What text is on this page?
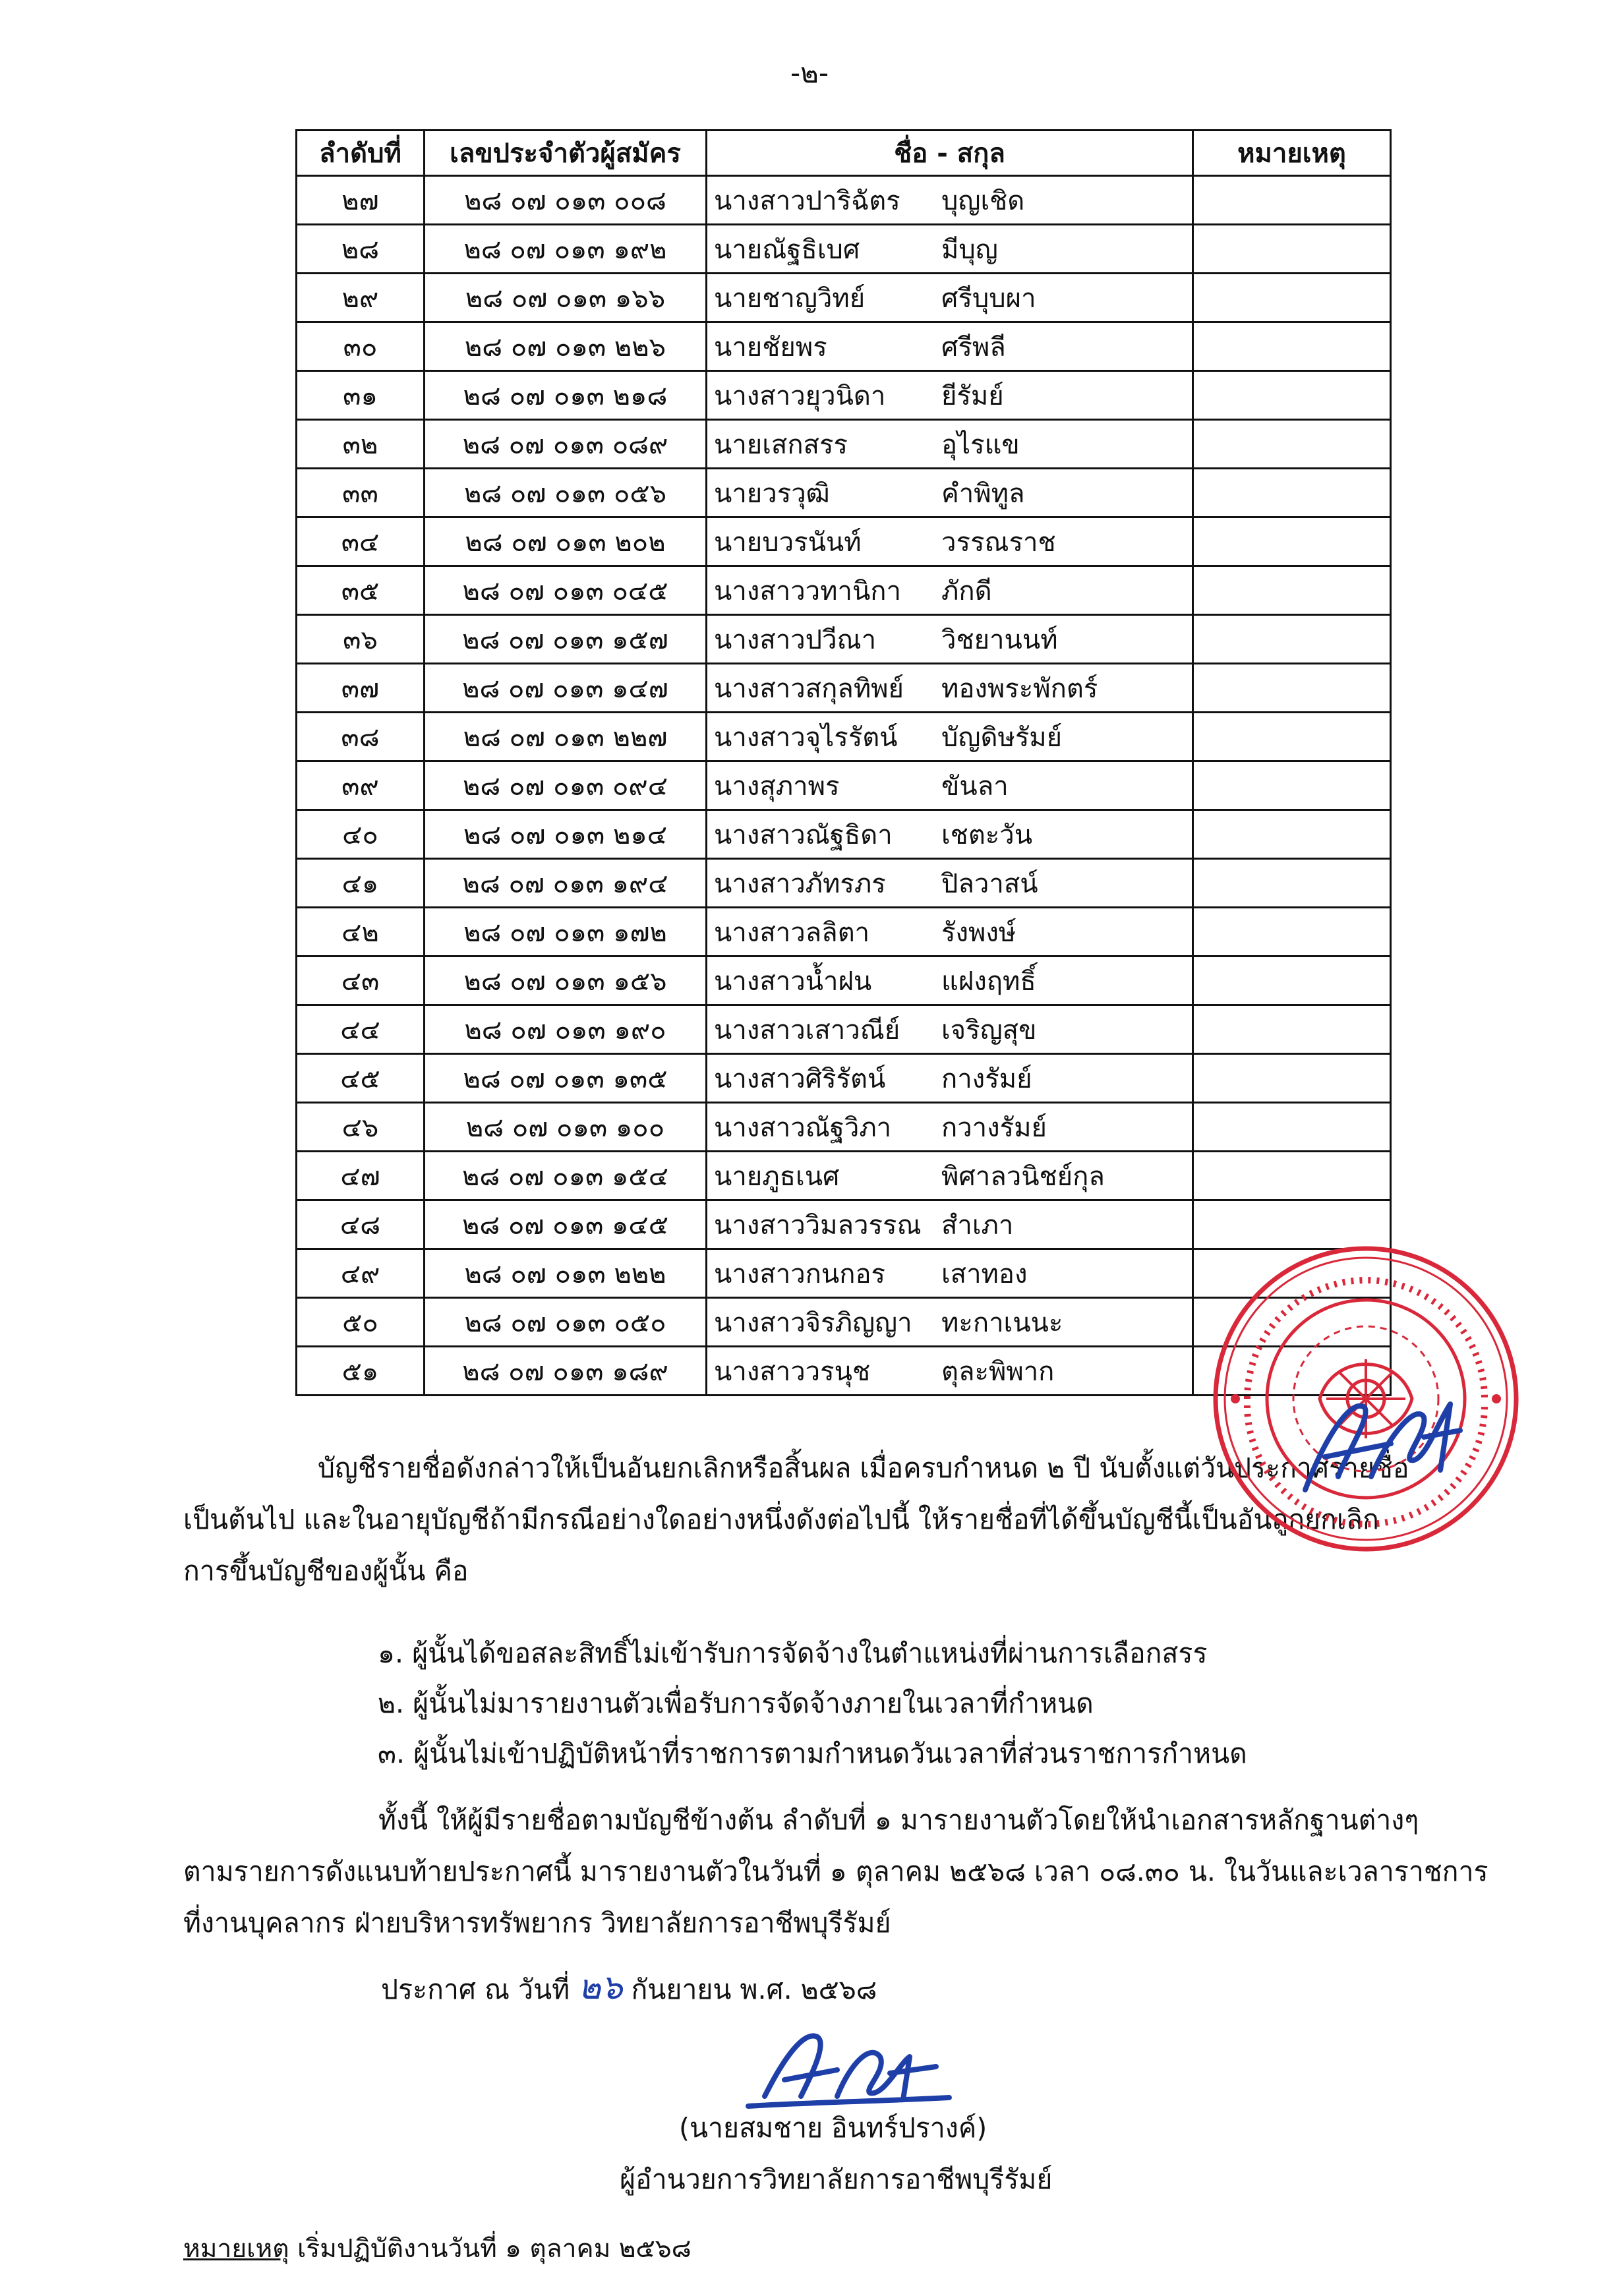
-๒-
ลำดับที่	เลขประจำตัวผู้สมัคร	ชื่อ - สกุล	หมายเหตุ
๒๗	๒๘ ๐๗ ๐๑๓ ๐๐๘	นางสาวปาริฉัตร บุญเชิด	
๒๘	๒๘ ๐๗ ๐๑๓ ๑๙๒	นายณัฐธิเบศ มีบุญ	
๒๙	๒๘ ๐๗ ๐๑๓ ๑๖๖	นายชาญวิทย์ ศรีบุบผา	
๓๐	๒๘ ๐๗ ๐๑๓ ๒๒๖	นายชัยพร ศรีพลี	
๓๑	๒๘ ๐๗ ๐๑๓ ๒๑๘	นางสาวยุวนิดา ยีรัมย์	
๓๒	๒๘ ๐๗ ๐๑๓ ๐๘๙	นายเสกสรร อุไรแข	
๓๓	๒๘ ๐๗ ๐๑๓ ๐๕๖	นายวรวุฒิ คำพิทูล	
๓๔	๒๘ ๐๗ ๐๑๓ ๒๐๒	นายบวรนันท์ วรรณราช	
๓๕	๒๘ ๐๗ ๐๑๓ ๐๔๕	นางสาววทานิกา ภักดี	
๓๖	๒๘ ๐๗ ๐๑๓ ๑๕๗	นางสาวปวีณา วิชยานนท์	
๓๗	๒๘ ๐๗ ๐๑๓ ๑๔๗	นางสาวสกุลทิพย์ ทองพระพักตร์	
๓๘	๒๘ ๐๗ ๐๑๓ ๒๒๗	นางสาวจุไรรัตน์ บัญดิษรัมย์	
๓๙	๒๘ ๐๗ ๐๑๓ ๐๙๔	นางสุภาพร ขันลา	
๔๐	๒๘ ๐๗ ๐๑๓ ๒๑๔	นางสาวณัฐธิดา เชตะวัน	
๔๑	๒๘ ๐๗ ๐๑๓ ๑๙๔	นางสาวภัทรภร ปิลวาสน์	
๔๒	๒๘ ๐๗ ๐๑๓ ๑๗๒	นางสาวลลิตา รังพงษ์	
๔๓	๒๘ ๐๗ ๐๑๓ ๑๕๖	นางสาวน้ำฝน แฝงฤทธิ์	
๔๔	๒๘ ๐๗ ๐๑๓ ๑๙๐	นางสาวเสาวณีย์ เจริญสุข	
๔๕	๒๘ ๐๗ ๐๑๓ ๑๓๕	นางสาวศิริรัตน์ กางรัมย์	
๔๖	๒๘ ๐๗ ๐๑๓ ๑๐๐	นางสาวณัฐวิภา กวางรัมย์	
๔๗	๒๘ ๐๗ ๐๑๓ ๑๕๔	นายภูธเนศ พิศาลวนิชย์กุล	
๔๘	๒๘ ๐๗ ๐๑๓ ๑๔๕	นางสาววิมลวรรณ สำเภา	
๔๙	๒๘ ๐๗ ๐๑๓ ๒๒๒	นางสาวกนกอร เสาทอง	
๕๐	๒๘ ๐๗ ๐๑๓ ๐๕๐	นางสาวจิรภิญญา ทะกาเนนะ	
๕๑	๒๘ ๐๗ ๐๑๓ ๑๘๙	นางสาววรนุช ตุละพิพาก	
บัญชีรายชื่อดังกล่าวให้เป็นอันยกเลิกหรือสิ้นผล เมื่อครบกำหนด ๒ ปี นับตั้งแต่วันประกาศรายชื่อ
เป็นต้นไป และในอายุบัญชีถ้ามีกรณีอย่างใดอย่างหนึ่งดังต่อไปนี้ ให้รายชื่อที่ได้ขึ้นบัญชีนี้เป็นอันถูกยกเลิก
การขึ้นบัญชีของผู้นั้น คือ
๑. ผู้นั้นได้ขอสละสิทธิ์ไม่เข้ารับการจัดจ้างในตำแหน่งที่ผ่านการเลือกสรร
๒. ผู้นั้นไม่มารายงานตัวเพื่อรับการจัดจ้างภายในเวลาที่กำหนด
๓. ผู้นั้นไม่เข้าปฏิบัติหน้าที่ราชการตามกำหนดวันเวลาที่ส่วนราชการกำหนด
ทั้งนี้ ให้ผู้มีรายชื่อตามบัญชีข้างต้น ลำดับที่ ๑ มารายงานตัวโดยให้นำเอกสารหลักฐานต่างๆ
ตามรายการดังแนบท้ายประกาศนี้ มารายงานตัวในวันที่ ๑ ตุลาคม ๒๕๖๘ เวลา ๐๘.๓๐ น. ในวันและเวลาราชการ
ที่งานบุคลากร ฝ่ายบริหารทรัพยากร วิทยาลัยการอาชีพบุรีรัมย์
ประกาศ ณ วันที่ ๒๖ กันยายน พ.ศ. ๒๕๖๘
(นายสมชาย อินทร์ปรางค์)
ผู้อำนวยการวิทยาลัยการอาชีพบุรีรัมย์
หมายเหตุ เริ่มปฏิบัติงานวันที่ ๑ ตุลาคม ๒๕๖๘
